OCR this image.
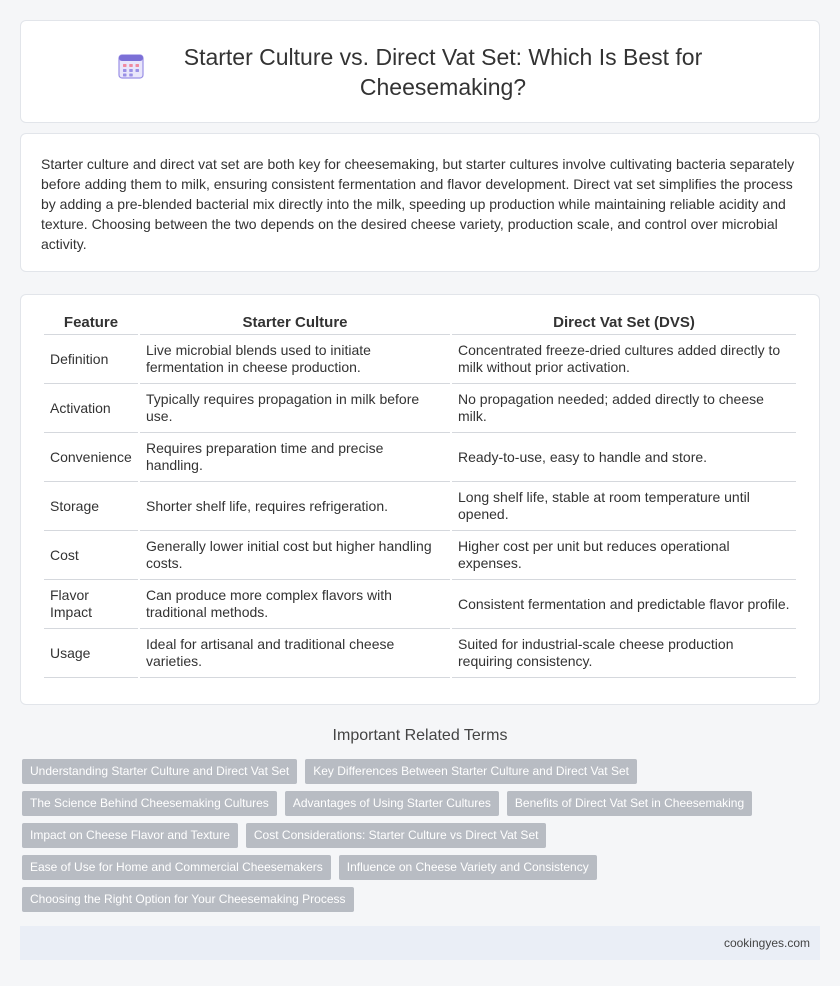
Starter Culture vs. Direct Vat Set: Which Is Best for Cheesemaking?

Starter culture and direct vat set are both key for cheesemaking, but starter cultures involve cultivating bacteria separately before adding them to milk, ensuring consistent fermentation and flavor development. Direct vat set simplifies the process by adding a pre-blended bacterial mix directly into the milk, speeding up production while maintaining reliable acidity and texture. Choosing between the two depends on the desired cheese variety, production scale, and control over microbial activity.

Feature	Starter Culture	Direct Vat Set (DVS)
Definition	Live microbial blends used to initiate fermentation in cheese production.	Concentrated freeze-dried cultures added directly to milk without prior activation.
Activation	Typically requires propagation in milk before use.	No propagation needed; added directly to cheese milk.
Convenience	Requires preparation time and precise handling.	Ready-to-use, easy to handle and store.
Storage	Shorter shelf life, requires refrigeration.	Long shelf life, stable at room temperature until opened.
Cost	Generally lower initial cost but higher handling costs.	Higher cost per unit but reduces operational expenses.
Flavor Impact	Can produce more complex flavors with traditional methods.	Consistent fermentation and predictable flavor profile.
Usage	Ideal for artisanal and traditional cheese varieties.	Suited for industrial-scale cheese production requiring consistency.
Important Related Terms
Understanding Starter Culture and Direct Vat Set	Key Differences Between Starter Culture and Direct Vat Set
The Science Behind Cheesemaking Cultures	Advantages of Using Starter Cultures	Benefits of Direct Vat Set in Cheesemaking
Impact on Cheese Flavor and Texture	Cost Considerations: Starter Culture vs Direct Vat Set
Ease of Use for Home and Commercial Cheesemakers	Influence on Cheese Variety and Consistency
Choosing the Right Option for Your Cheesemaking Process
cookingyes.com
